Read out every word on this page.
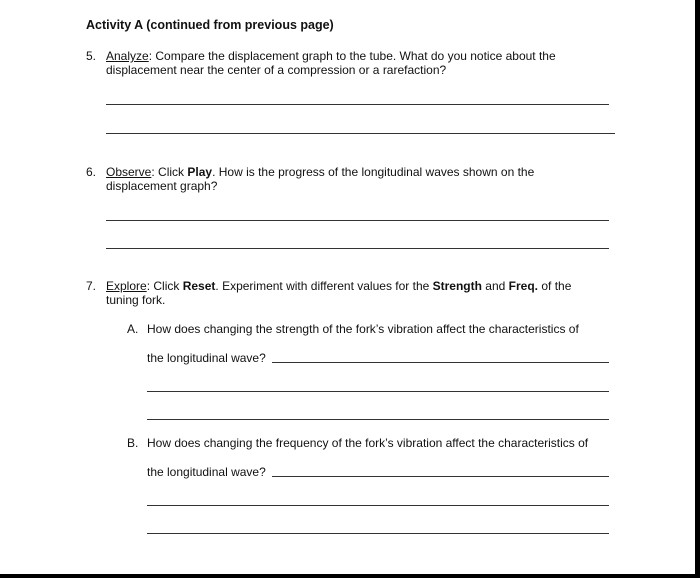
Activity A (continued from previous page)
5. Analyze: Compare the displacement graph to the tube. What do you notice about the
displacement near the center of a compression or a rarefaction?
6. Observe: Click Play. How is the progress of the longitudinal waves shown on the
displacement graph?
7. Explore: Click Reset. Experiment with different values for the Strength and Freq. of the
tuning fork.
A. How does changing the strength of the fork’s vibration affect the characteristics of
the longitudinal wave?
B. How does changing the frequency of the fork’s vibration affect the characteristics of
the longitudinal wave?
